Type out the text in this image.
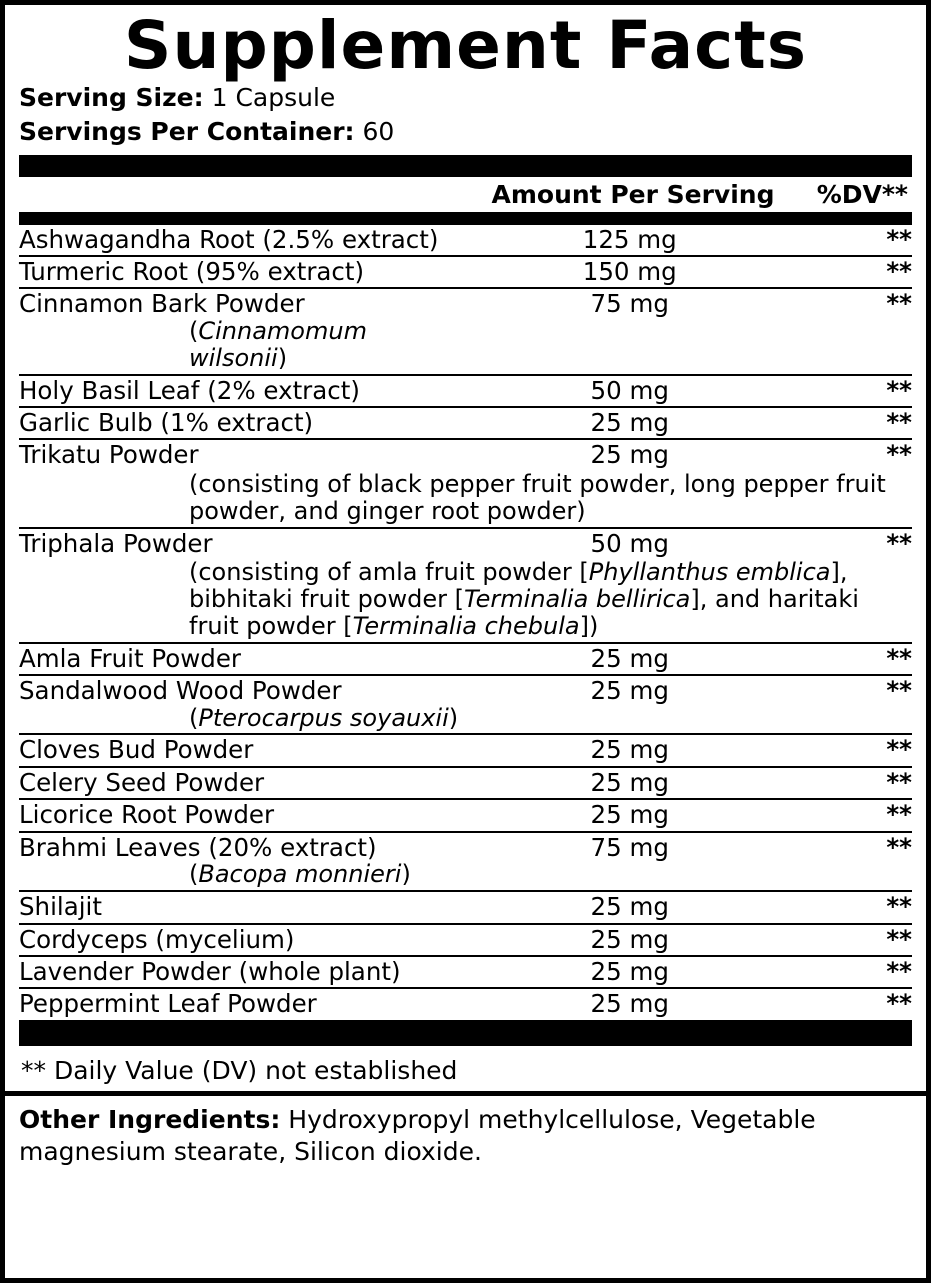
Supplement Facts
Serving Size: 1 Capsule
Servings Per Container: 60
Amount Per Serving	%DV**
Ashwagandha Root (2.5% extract)	125 mg	**
Turmeric Root (95% extract)	150 mg	**
Cinnamon Bark Powder
(Cinnamomum wilsonii)	75 mg	**
Holy Basil Leaf (2% extract)	50 mg	**
Garlic Bulb (1% extract)	25 mg	**
Trikatu Powder	25 mg	**

(consisting of black pepper fruit powder, long pepper fruit powder, and ginger root powder)		

Triphala Powder	50 mg	**

(consisting of amla fruit powder [Phyllanthus emblica], bibhitaki fruit powder [Terminalia bellirica], and haritaki fruit powder [Terminalia chebula])		

Amla Fruit Powder	25 mg	**
Sandalwood Wood Powder
(Pterocarpus soyauxii)	25 mg	**
Cloves Bud Powder	25 mg	**
Celery Seed Powder	25 mg	**
Licorice Root Powder	25 mg	**
Brahmi Leaves (20% extract)
(Bacopa monnieri)	75 mg	**
Shilajit	25 mg	**
Cordyceps (mycelium)	25 mg	**
Lavender Powder (whole plant)	25 mg	**
Peppermint Leaf Powder	25 mg	**
** Daily Value (DV) not established
Other Ingredients: Hydroxypropyl methylcellulose, Vegetable magnesium stearate, Silicon dioxide.
